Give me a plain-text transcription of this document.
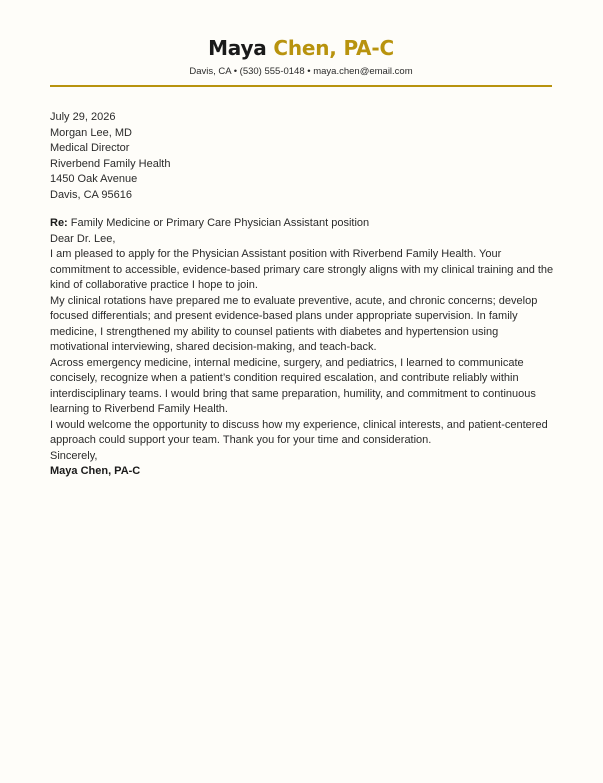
Maya Chen, PA-C
Davis, CA • (530) 555-0148 • maya.chen@email.com

July 29, 2026

Morgan Lee, MD

Medical Director

Riverbend Family Health

1450 Oak Avenue

Davis, CA 95616

Re: Family Medicine or Primary Care Physician Assistant position

Dear Dr. Lee,

I am pleased to apply for the Physician Assistant position with Riverbend Family Health. Your commitment to accessible, evidence-based primary care strongly aligns with my clinical training and the kind of collaborative practice I hope to join.

My clinical rotations have prepared me to evaluate preventive, acute, and chronic concerns; develop focused differentials; and present evidence-based plans under appropriate supervision. In family medicine, I strengthened my ability to counsel patients with diabetes and hypertension using motivational interviewing, shared decision-making, and teach-back.

Across emergency medicine, internal medicine, surgery, and pediatrics, I learned to communicate concisely, recognize when a patient’s condition required escalation, and contribute reliably within interdisciplinary teams. I would bring that same preparation, humility, and commitment to continuous learning to Riverbend Family Health.

I would welcome the opportunity to discuss how my experience, clinical interests, and patient-centered approach could support your team. Thank you for your time and consideration.

Sincerely,

Maya Chen, PA-C
